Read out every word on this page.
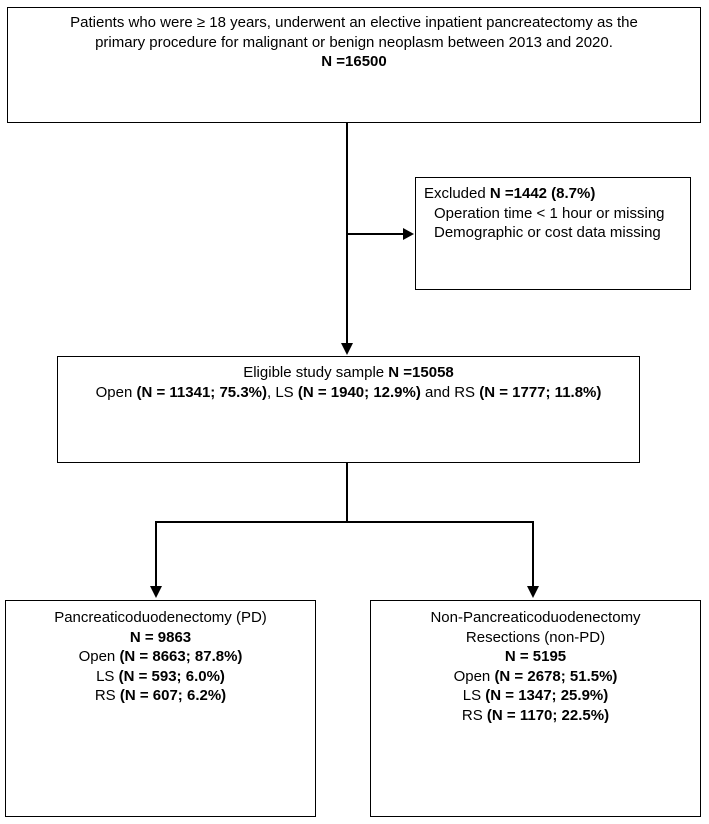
Patients who were ≥ 18 years, underwent an elective inpatient pancreatectomy as the
primary procedure for malignant or benign neoplasm between 2013 and 2020.
N =16500
Excluded N =1442 (8.7%)
Operation time < 1 hour or missing
Demographic or cost data missing
Eligible study sample N =15058
Open (N = 11341; 75.3%), LS (N = 1940; 12.9%) and RS (N = 1777; 11.8%)
Pancreaticoduodenectomy (PD)
N = 9863
Open (N = 8663; 87.8%)
LS (N = 593; 6.0%)
RS (N = 607; 6.2%)
Non-Pancreaticoduodenectomy
Resections (non-PD)
N = 5195
Open (N = 2678; 51.5%)
LS (N = 1347; 25.9%)
RS (N = 1170; 22.5%)
